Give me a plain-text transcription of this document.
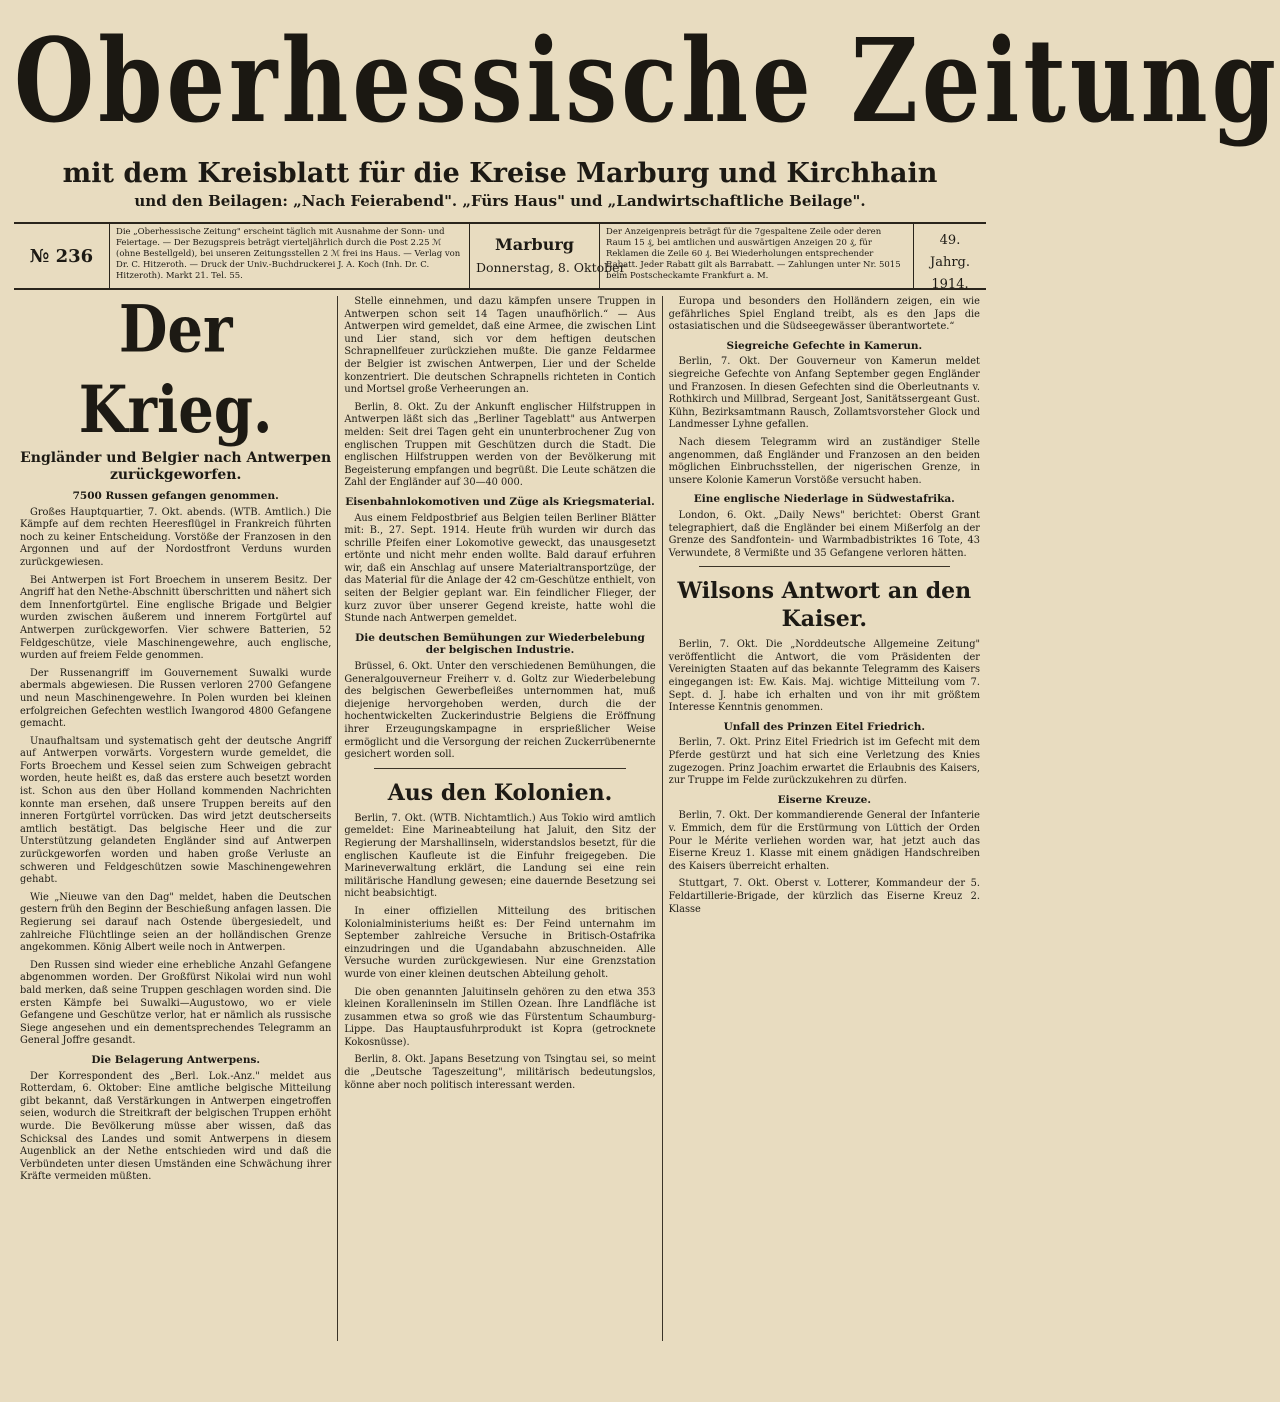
Oberhessische Zeitung
mit dem Kreisblatt für die Kreise Marburg und Kirchhain
und den Beilagen: „Nach Feierabend". „Fürs Haus" und „Landwirtschaftliche Beilage".
№ 236
Die „Oberhessische Zeitung" erscheint täglich mit Ausnahme der Sonn- und Feiertage. — Der Bezugspreis beträgt vierteljährlich durch die Post 2.25 ℳ (ohne Bestellgeld), bei unseren Zeitungsstellen 2 ℳ frei ins Haus. — Verlag von Dr. C. Hitzeroth. — Druck der Univ.-Buchdruckerei J. A. Koch (Inh. Dr. C. Hitzeroth). Markt 21. Tel. 55.
Marburg
Donnerstag, 8. Oktober
Der Anzeigenpreis beträgt für die 7gespaltene Zeile oder deren Raum 15 ₰, bei amtlichen und auswärtigen Anzeigen 20 ₰, für Reklamen die Zeile 60 ₰. Bei Wiederholungen entsprechender Rabatt. Jeder Rabatt gilt als Barrabatt. — Zahlungen unter Nr. 5015 beim Postscheckamte Frankfurt a. M.
49. Jahrg.
1914.
Der Krieg.
Engländer und Belgier nach Antwerpen zurückgeworfen.
7500 Russen gefangen genommen.

Großes Hauptquartier, 7. Okt. abends. (WTB. Amtlich.) Die Kämpfe auf dem rechten Heeresflügel in Frankreich führten noch zu keiner Entscheidung. Vorstöße der Franzosen in den Argonnen und auf der Nordostfront Verduns wurden zurückgewiesen.

Bei Antwerpen ist Fort Broechem in unserem Besitz. Der Angriff hat den Nethe-Abschnitt überschritten und nähert sich dem Innenfortgürtel. Eine englische Brigade und Belgier wurden zwischen äußerem und innerem Fortgürtel auf Antwerpen zurückgeworfen. Vier schwere Batterien, 52 Feldgeschütze, viele Maschinengewehre, auch englische, wurden auf freiem Felde genommen.

Der Russenangriff im Gouvernement Suwalki wurde abermals abgewiesen. Die Russen verloren 2700 Gefangene und neun Maschinengewehre. In Polen wurden bei kleinen erfolgreichen Gefechten westlich Iwangorod 4800 Gefangene gemacht.

Unaufhaltsam und systematisch geht der deutsche Angriff auf Antwerpen vorwärts. Vorgestern wurde gemeldet, die Forts Broechem und Kessel seien zum Schweigen gebracht worden, heute heißt es, daß das erstere auch besetzt worden ist. Schon aus den über Holland kommenden Nachrichten konnte man ersehen, daß unsere Truppen bereits auf den inneren Fortgürtel vorrücken. Das wird jetzt deutscherseits amtlich bestätigt. Das belgische Heer und die zur Unterstützung gelandeten Engländer sind auf Antwerpen zurückgeworfen worden und haben große Verluste an schweren und Feldgeschützen sowie Maschinengewehren gehabt.

Wie „Nieuwe van den Dag" meldet, haben die Deutschen gestern früh den Beginn der Beschießung anfagen lassen. Die Regierung sei darauf nach Ostende übergesiedelt, und zahlreiche Flüchtlinge seien an der holländischen Grenze angekommen. König Albert weile noch in Antwerpen.

Den Russen sind wieder eine erhebliche Anzahl Gefangene abgenommen worden. Der Großfürst Nikolai wird nun wohl bald merken, daß seine Truppen geschlagen worden sind. Die ersten Kämpfe bei Suwalki—Augustowo, wo er viele Gefangene und Geschütze verlor, hat er nämlich als russische Siege angesehen und ein dementsprechendes Telegramm an General Joffre gesandt.

Die Belagerung Antwerpens.

Der Korrespondent des „Berl. Lok.-Anz." meldet aus Rotterdam, 6. Oktober: Eine amtliche belgische Mitteilung gibt bekannt, daß Verstärkungen in Antwerpen eingetroffen seien, wodurch die Streitkraft der belgischen Truppen erhöht wurde. Die Bevölkerung müsse aber wissen, daß das Schicksal des Landes und somit Antwerpens in diesem Augenblick an der Nethe entschieden wird und daß die Verbündeten unter diesen Umständen eine Schwächung ihrer Kräfte vermeiden müßten.

Stelle einnehmen, und dazu kämpfen unsere Truppen in Antwerpen schon seit 14 Tagen unaufhörlich.“ — Aus Antwerpen wird gemeldet, daß eine Armee, die zwischen Lint und Lier stand, sich vor dem heftigen deutschen Schrapnellfeuer zurückziehen mußte. Die ganze Feldarmee der Belgier ist zwischen Antwerpen, Lier und der Schelde konzentriert. Die deutschen Schrapnells richteten in Contich und Mortsel große Verheerungen an.

Berlin, 8. Okt. Zu der Ankunft englischer Hilfstruppen in Antwerpen läßt sich das „Berliner Tageblatt" aus Antwerpen melden: Seit drei Tagen geht ein ununterbrochener Zug von englischen Truppen mit Geschützen durch die Stadt. Die englischen Hilfstruppen werden von der Bevölkerung mit Begeisterung empfangen und begrüßt. Die Leute schätzen die Zahl der Engländer auf 30—40 000.

Eisenbahnlokomotiven und Züge als Kriegsmaterial.

Aus einem Feldpostbrief aus Belgien teilen Berliner Blätter mit: B., 27. Sept. 1914. Heute früh wurden wir durch das schrille Pfeifen einer Lokomotive geweckt, das unausgesetzt ertönte und nicht mehr enden wollte. Bald darauf erfuhren wir, daß ein Anschlag auf unsere Materialtransportzüge, der das Material für die Anlage der 42 cm-Geschütze enthielt, von seiten der Belgier geplant war. Ein feindlicher Flieger, der kurz zuvor über unserer Gegend kreiste, hatte wohl die Stunde nach Antwerpen gemeldet.

Die deutschen Bemühungen zur Wiederbelebung der belgischen Industrie.

Brüssel, 6. Okt. Unter den verschiedenen Bemühungen, die Generalgouverneur Freiherr v. d. Goltz zur Wiederbelebung des belgischen Gewerbefleißes unternommen hat, muß diejenige hervorgehoben werden, durch die der hochentwickelten Zuckerindustrie Belgiens die Eröffnung ihrer Erzeugungskampagne in ersprießlicher Weise ermöglicht und die Versorgung der reichen Zuckerrübenernte gesichert worden soll.

Aus den Kolonien.

Berlin, 7. Okt. (WTB. Nichtamtlich.) Aus Tokio wird amtlich gemeldet: Eine Marineabteilung hat Jaluit, den Sitz der Regierung der Marshallinseln, widerstandslos besetzt, für die englischen Kaufleute ist die Einfuhr freigegeben. Die Marineverwaltung erklärt, die Landung sei eine rein militärische Handlung gewesen; eine dauernde Besetzung sei nicht beabsichtigt.

In einer offiziellen Mitteilung des britischen Kolonialministeriums heißt es: Der Feind unternahm im September zahlreiche Versuche in Britisch-Ostafrika einzudringen und die Ugandabahn abzuschneiden. Alle Versuche wurden zurückgewiesen. Nur eine Grenzstation wurde von einer kleinen deutschen Abteilung geholt.

Die oben genannten Jaluitinseln gehören zu den etwa 353 kleinen Koralleninseln im Stillen Ozean. Ihre Landfläche ist zusammen etwa so groß wie das Fürstentum Schaumburg-Lippe. Das Hauptausfuhrprodukt ist Kopra (getrocknete Kokosnüsse).

Berlin, 8. Okt. Japans Besetzung von Tsingtau sei, so meint die „Deutsche Tageszeitung", militärisch bedeutungslos, könne aber noch politisch interessant werden.

Europa und besonders den Holländern zeigen, ein wie gefährliches Spiel England treibt, als es den Japs die ostasiatischen und die Südseegewässer überantwortete.“

Siegreiche Gefechte in Kamerun.

Berlin, 7. Okt. Der Gouverneur von Kamerun meldet siegreiche Gefechte von Anfang September gegen Engländer und Franzosen. In diesen Gefechten sind die Oberleutnants v. Rothkirch und Millbrad, Sergeant Jost, Sanitätssergeant Gust. Kühn, Bezirksamtmann Rausch, Zollamtsvorsteher Glock und Landmesser Lyhne gefallen.

Nach diesem Telegramm wird an zuständiger Stelle angenommen, daß Engländer und Franzosen an den beiden möglichen Einbruchsstellen, der nigerischen Grenze, in unsere Kolonie Kamerun Vorstöße versucht haben.

Eine englische Niederlage in Südwestafrika.

London, 6. Okt. „Daily News" berichtet: Oberst Grant telegraphiert, daß die Engländer bei einem Mißerfolg an der Grenze des Sandfontein- und Warmbadbistriktes 16 Tote, 43 Verwundete, 8 Vermißte und 35 Gefangene verloren hätten.

Wilsons Antwort an den Kaiser.

Berlin, 7. Okt. Die „Norddeutsche Allgemeine Zeitung" veröffentlicht die Antwort, die vom Präsidenten der Vereinigten Staaten auf das bekannte Telegramm des Kaisers eingegangen ist: Ew. Kais. Maj. wichtige Mitteilung vom 7. Sept. d. J. habe ich erhalten und von ihr mit größtem Interesse Kenntnis genommen.

Unfall des Prinzen Eitel Friedrich.

Berlin, 7. Okt. Prinz Eitel Friedrich ist im Gefecht mit dem Pferde gestürzt und hat sich eine Verletzung des Knies zugezogen. Prinz Joachim erwartet die Erlaubnis des Kaisers, zur Truppe im Felde zurückzukehren zu dürfen.

Eiserne Kreuze.

Berlin, 7. Okt. Der kommandierende General der Infanterie v. Emmich, dem für die Erstürmung von Lüttich der Orden Pour le Mérite verliehen worden war, hat jetzt auch das Eiserne Kreuz 1. Klasse mit einem gnädigen Handschreiben des Kaisers überreicht erhalten.

Stuttgart, 7. Okt. Oberst v. Lotterer, Kommandeur der 5. Feldartillerie-Brigade, der kürzlich das Eiserne Kreuz 2. Klasse
